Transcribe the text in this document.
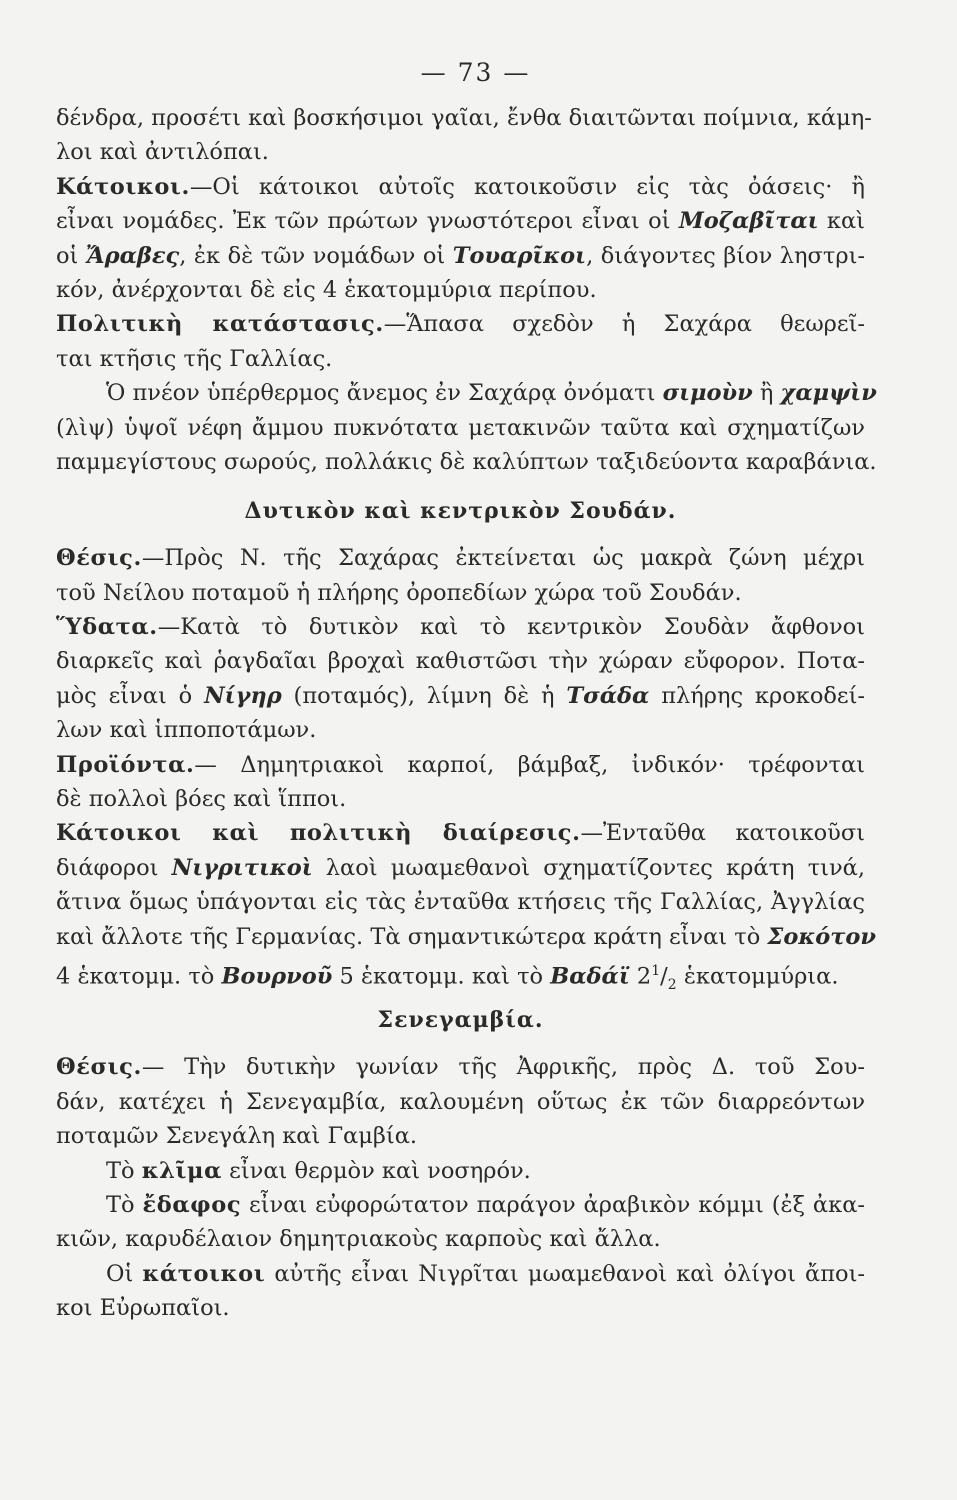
— 73 —
δένδρα, προσέτι καὶ βοσκήσιμοι γαῖαι, ἔνθα διαιτῶνται ποίμνια, κάμη-
λοι καὶ ἀντιλόπαι.
Κάτοικοι.—Οἱ κάτοικοι αὐτοῖς κατοικοῦσιν εἰς τὰς ὀάσεις· ἢ
εἶναι νομάδες. Ἐκ τῶν πρώτων γνωστότεροι εἶναι οἱ Μοζαβῖται καὶ
οἱ Ἄραβες, ἐκ δὲ τῶν νομάδων οἱ Τουαρῖκοι, διάγοντες βίον ληστρι-
κόν, ἀνέρχονται δὲ εἰς 4 ἑκατομμύρια περίπου.
Πολιτικὴ κατάστασις.—Ἅπασα σχεδὸν ἡ Σαχάρα θεωρεῖ-
ται κτῆσις τῆς Γαλλίας.
Ὁ πνέον ὑπέρθερμος ἄνεμος ἐν Σαχάρᾳ ὀνόματι σιμοὺν ἢ χαμψὶν
(λὶψ) ὑψοῖ νέφη ἄμμου πυκνότατα μετακινῶν ταῦτα καὶ σχηματίζων
παμμεγίστους σωρούς, πολλάκις δὲ καλύπτων ταξιδεύοντα καραβάνια.
Δυτικὸν καὶ κεντρικὸν Σουδάν.
Θέσις.—Πρὸς Ν. τῆς Σαχάρας ἐκτείνεται ὡς μακρὰ ζώνη μέχρι
τοῦ Νείλου ποταμοῦ ἡ πλήρης ὀροπεδίων χώρα τοῦ Σουδάν.
Ὕδατα.—Κατὰ τὸ δυτικὸν καὶ τὸ κεντρικὸν Σουδὰν ἄφθονοι
διαρκεῖς καὶ ῥαγδαῖαι βροχαὶ καθιστῶσι τὴν χώραν εὔφορον. Ποτα-
μὸς εἶναι ὁ Νίγηρ (ποταμός), λίμνη δὲ ἡ Τσάδα πλήρης κροκοδεί-
λων καὶ ἱπποποτάμων.
Προϊόντα.— Δημητριακοὶ καρποί, βάμβαξ, ἰνδικόν· τρέφονται
δὲ πολλοὶ βόες καὶ ἵπποι.
Κάτοικοι καὶ πολιτικὴ διαίρεσις.—Ἐνταῦθα κατοικοῦσι
διάφοροι Νιγριτικοὶ λαοὶ μωαμεθανοὶ σχηματίζοντες κράτη τινά,
ἅτινα ὅμως ὑπάγονται εἰς τὰς ἐνταῦθα κτήσεις τῆς Γαλλίας, Ἀγγλίας
καὶ ἄλλοτε τῆς Γερμανίας. Τὰ σημαντικώτερα κράτη εἶναι τὸ Σοκότον
4 ἑκατομμ. τὸ Βουρνοῦ 5 ἑκατομμ. καὶ τὸ Βαδάϊ $2^1/_2$ ἑκατομμύρια.
Σενεγαμβία.
Θέσις.— Τὴν δυτικὴν γωνίαν τῆς Ἀφρικῆς, πρὸς Δ. τοῦ Σου-
δάν, κατέχει ἡ Σενεγαμβία, καλουμένη οὕτως ἐκ τῶν διαρρεόντων
ποταμῶν Σενεγάλη καὶ Γαμβία.
Τὸ κλῖμα εἶναι θερμὸν καὶ νοσηρόν.
Τὸ ἔδαφος εἶναι εὐφορώτατον παράγον ἀραβικὸν κόμμι (ἐξ ἀκα-
κιῶν, καρυδέλαιον δημητριακοὺς καρποὺς καὶ ἄλλα.
Οἱ κάτοικοι αὐτῆς εἶναι Νιγρῖται μωαμεθανοὶ καὶ ὀλίγοι ἄποι-
κοι Εὐρωπαῖοι.
